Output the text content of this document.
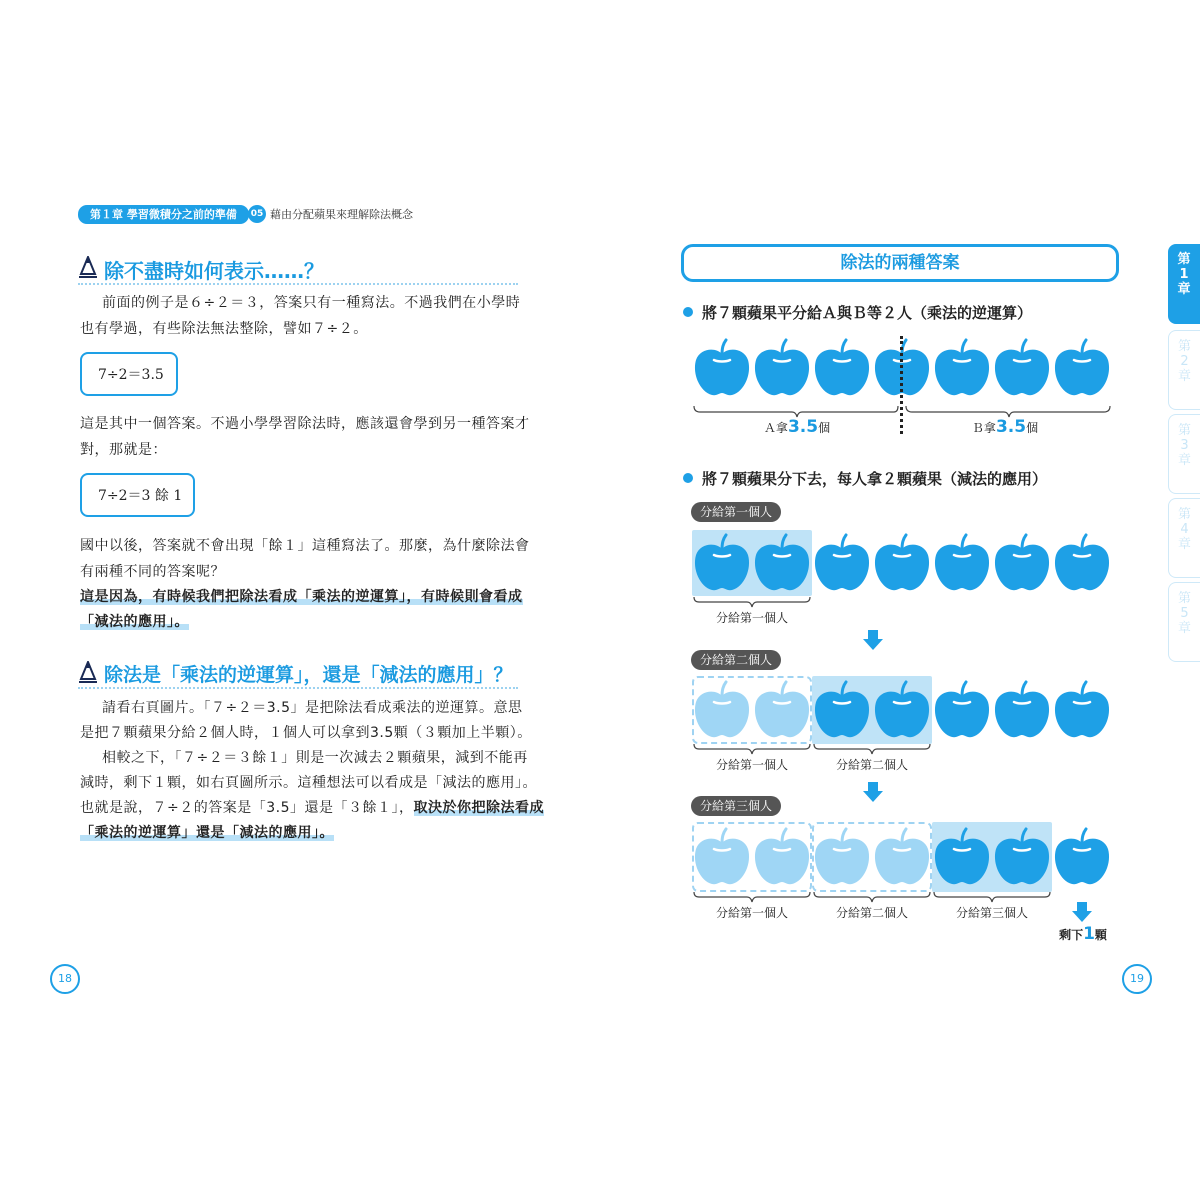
第１章 學習微積分之前的準備	05 藉由分配蘋果來理解除法概念
除不盡時如何表示……？
前面的例子是６÷２＝３，答案只有一種寫法。不過我們在小學時
也有學過，有些除法無法整除，譬如７÷２。
7÷2＝3.5
這是其中一個答案。不過小學學習除法時，應該還會學到另一種答案才
對，那就是：
7÷2＝3 餘 1
國中以後，答案就不會出現「餘１」這種寫法了。那麼，為什麼除法會
有兩種不同的答案呢？
這是因為，有時候我們把除法看成「乘法的逆運算」，有時候則會看成
「減法的應用」。
除法是「乘法的逆運算」，還是「減法的應用」？
請看右頁圖片。「７÷２＝3.5」是把除法看成乘法的逆運算。意思
是把７顆蘋果分給２個人時，１個人可以拿到3.5顆（３顆加上半顆）。
相較之下，「７÷２＝３餘１」則是一次減去２顆蘋果，減到不能再
減時，剩下１顆，如右頁圖所示。這種想法可以看成是「減法的應用」。
也就是說，７÷２的答案是「3.5」還是「３餘１」，取決於你把除法看成
「乘法的逆運算」還是「減法的應用」。
18
除法的兩種答案
將７顆蘋果平分給Ａ與Ｂ等２人（乘法的逆運算）
Ａ拿3.5個	Ｂ拿3.5個
將７顆蘋果分下去，每人拿２顆蘋果（減法的應用）
分給第一個人
分給第一個人
分給第二個人
分給第一個人	分給第二個人
分給第三個人
分給第一個人	分給第二個人	分給第三個人
剩下1顆
19
第
1
章
第
2
章
第
3
章
第
4
章
第
5
章
